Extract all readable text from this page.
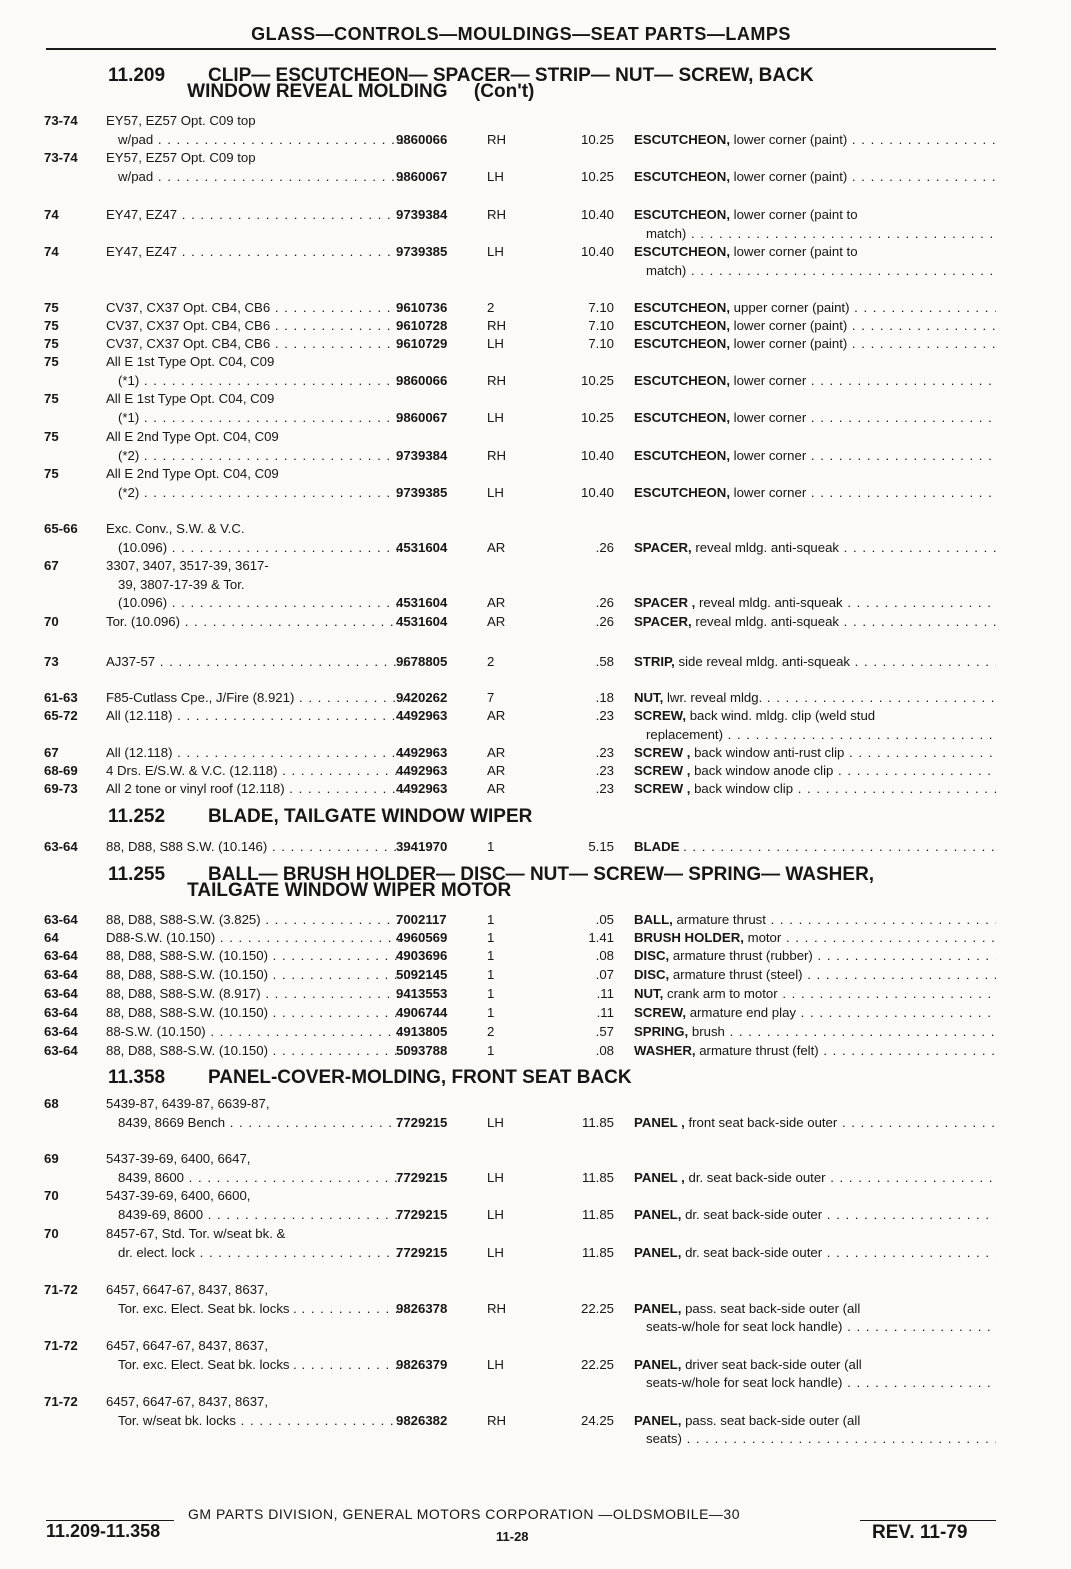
GLASS—CONTROLS—MOULDINGS—SEAT PARTS—LAMPS
11.209 CLIP— ESCUTCHEON— SPACER— STRIP— NUT— SCREW, BACK
WINDOW REVEAL MOLDING     (Con't)
11.252 BLADE, TAILGATE WINDOW WIPER
11.255 BALL— BRUSH HOLDER— DISC— NUT— SCREW— SPRING— WASHER,
TAILGATE WINDOW WIPER MOTOR
11.358 PANEL-COVER-MOLDING, FRONT SEAT BACK
73-74 EY57, EZ57 Opt. C09 top
w/pad . . .	9860066	RH	10.25 ESCUTCHEON, lower corner (paint) . . .
73-74 EY57, EZ57 Opt. C09 top
w/pad . . .	9860067	LH	10.25 ESCUTCHEON, lower corner (paint) . . .
74	EY47, EZ47 . . .	9739384	RH	10.40 ESCUTCHEON, lower corner (paint to
match) . . .
74	EY47, EZ47 . . .	9739385	LH	10.40 ESCUTCHEON, lower corner (paint to
match) . . .
75	CV37, CX37 Opt. CB4, CB6 . . .	9610736	2	7.10 ESCUTCHEON, upper corner (paint) . . .
75	CV37, CX37 Opt. CB4, CB6 . . .	9610728	RH	7.10 ESCUTCHEON, lower corner (paint) . . .
75	CV37, CX37 Opt. CB4, CB6 . . .	9610729	LH	7.10 ESCUTCHEON, lower corner (paint) . . .
75	All E 1st Type Opt. C04, C09
(*1) . . .	9860066	RH	10.25 ESCUTCHEON, lower corner . . .
75	All E 1st Type Opt. C04, C09
(*1) . . .	9860067	LH	10.25 ESCUTCHEON, lower corner . . .
75	All E 2nd Type Opt. C04, C09
(*2) . . .	9739384	RH	10.40 ESCUTCHEON, lower corner . . .
75	All E 2nd Type Opt. C04, C09
(*2) . . .	9739385	LH	10.40 ESCUTCHEON, lower corner . . .
65-66 Exc. Conv., S.W. & V.C.
(10.096) . . .	4531604	AR	.26 SPACER, reveal mldg. anti-squeak . . .
67	3307, 3407, 3517-39, 3617-
39, 3807-17-39 & Tor.
(10.096) . . .	4531604	AR	.26 SPACER , reveal mldg. anti-squeak . . .
70	Tor. (10.096) . . .	4531604	AR	.26 SPACER, reveal mldg. anti-squeak . . .
73	AJ37-57 . . .	9678805	2	.58 STRIP, side reveal mldg. anti-squeak . . .
61-63 F85-Cutlass Cpe., J/Fire (8.921) . . .	9420262	7	.18 NUT, lwr. reveal mldg. . . .
65-72 All (12.118) . . .	4492963	AR	.23 SCREW, back wind. mldg. clip (weld stud
replacement) . . .
67	All (12.118) . . .	4492963	AR	.23 SCREW , back window anti-rust clip . . .
68-69 4 Drs. E/S.W. & V.C. (12.118) . . .	4492963	AR	.23 SCREW , back window anode clip . . .
69-73 All 2 tone or vinyl roof (12.118) . . .	4492963	AR	.23 SCREW , back window clip . . .
63-64 88, D88, S88 S.W. (10.146) . . .	3941970	1	5.15 BLADE . . .
63-64 88, D88, S88-S.W. (3.825) . . .	7002117	1	.05 BALL, armature thrust . . .
64	D88-S.W. (10.150) . . .	4960569	1	1.41 BRUSH HOLDER, motor . . .
63-64 88, D88, S88-S.W. (10.150) . . .	4903696	1	.08 DISC, armature thrust (rubber) . . .
63-64 88, D88, S88-S.W. (10.150) . . .	5092145	1	.07 DISC, armature thrust (steel) . . .
63-64 88, D88, S88-S.W. (8.917) . . .	9413553	1	.11 NUT, crank arm to motor . . .
63-64 88, D88, S88-S.W. (10.150) . . .	4906744	1	.11 SCREW, armature end play . . .
63-64 88-S.W. (10.150) . . .	4913805	2	.57 SPRING, brush . . .
63-64 88, D88, S88-S.W. (10.150) . . .	5093788	1	.08 WASHER, armature thrust (felt) . . .
68	5439-87, 6439-87, 6639-87,
8439, 8669 Bench . . .	7729215	LH	11.85 PANEL , front seat back-side outer . . .
69	5437-39-69, 6400, 6647,
8439, 8600 . . .	7729215	LH	11.85 PANEL , dr. seat back-side outer . . .
70	5437-39-69, 6400, 6600,
8439-69, 8600 . . .	7729215	LH	11.85 PANEL, dr. seat back-side outer . . .
70	8457-67, Std. Tor. w/seat bk. &
dr. elect. lock . . .	7729215	LH	11.85 PANEL, dr. seat back-side outer . . .
71-72 6457, 6647-67, 8437, 8637,
Tor. exc. Elect. Seat bk. locks . . . .	9826378	RH	22.25 PANEL, pass. seat back-side outer (all
seats-w/hole for seat lock handle) . . .
71-72 6457, 6647-67, 8437, 8637,
Tor. exc. Elect. Seat bk. locks . . . .	9826379	LH	22.25 PANEL, driver seat back-side outer (all
seats-w/hole for seat lock handle) . . .
71-72 6457, 6647-67, 8437, 8637,
Tor. w/seat bk. locks . . .	9826382	RH	24.25 PANEL, pass. seat back-side outer (all
seats) . . .
GM PARTS DIVISION, GENERAL MOTORS CORPORATION —OLDSMOBILE—30
11.209-11.358	11-28	REV. 11-79
